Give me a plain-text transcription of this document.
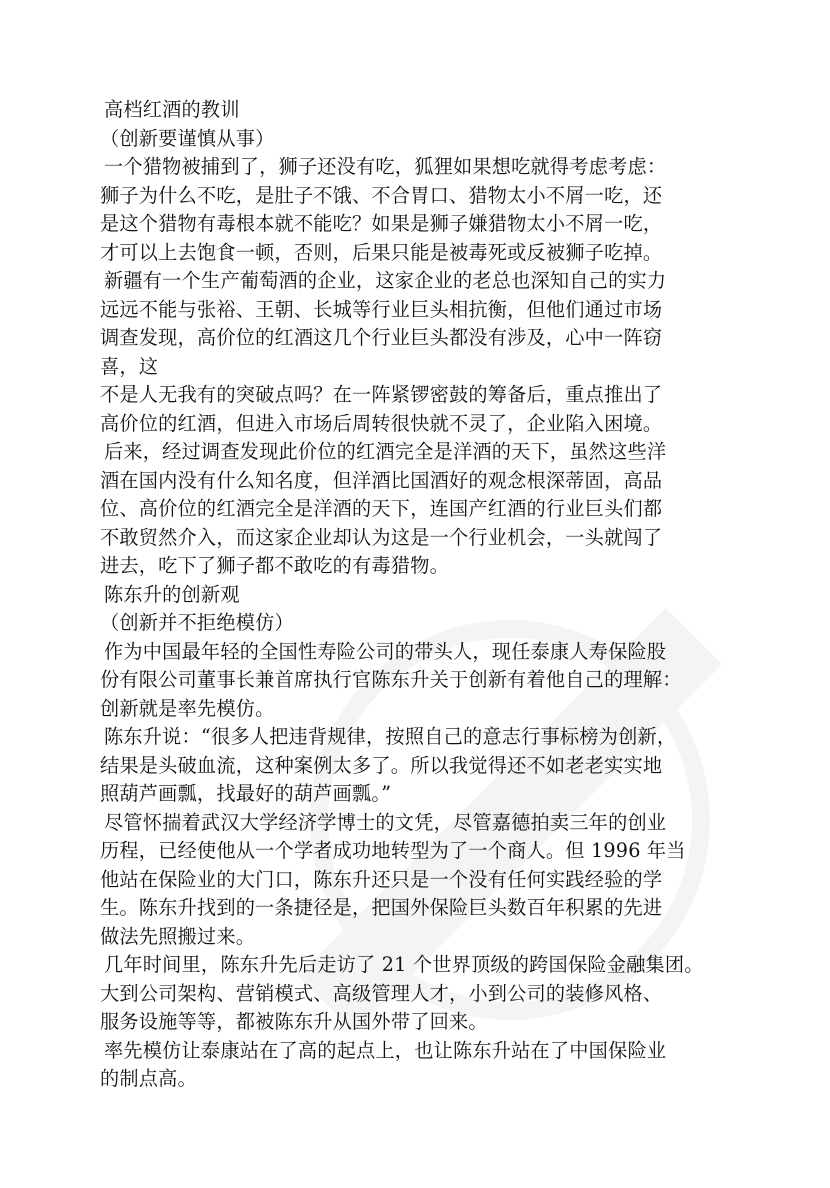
高档红酒的教训
（创新要谨慎从事）
一个猎物被捕到了，狮子还没有吃，狐狸如果想吃就得考虑考虑：
狮子为什么不吃，是肚子不饿、不合胃口、猎物太小不屑一吃，还
是这个猎物有毒根本就不能吃？如果是狮子嫌猎物太小不屑一吃，
才可以上去饱食一顿，否则，后果只能是被毒死或反被狮子吃掉。
新疆有一个生产葡萄酒的企业，这家企业的老总也深知自己的实力
远远不能与张裕、王朝、长城等行业巨头相抗衡，但他们通过市场
调查发现，高价位的红酒这几个行业巨头都没有涉及，心中一阵窃
喜，这
不是人无我有的突破点吗？在一阵紧锣密鼓的筹备后，重点推出了
高价位的红酒，但进入市场后周转很快就不灵了，企业陷入困境。
后来，经过调查发现此价位的红酒完全是洋酒的天下，虽然这些洋
酒在国内没有什么知名度，但洋酒比国酒好的观念根深蒂固，高品
位、高价位的红酒完全是洋酒的天下，连国产红酒的行业巨头们都
不敢贸然介入，而这家企业却认为这是一个行业机会，一头就闯了
进去，吃下了狮子都不敢吃的有毒猎物。
陈东升的创新观
（创新并不拒绝模仿）
作为中国最年轻的全国性寿险公司的带头人，现任泰康人寿保险股
份有限公司董事长兼首席执行官陈东升关于创新有着他自己的理解：
创新就是率先模仿。
陈东升说：“很多人把违背规律，按照自己的意志行事标榜为创新，
结果是头破血流，这种案例太多了。所以我觉得还不如老老实实地
照葫芦画瓢，找最好的葫芦画瓢。”
尽管怀揣着武汉大学经济学博士的文凭，尽管嘉德拍卖三年的创业
历程，已经使他从一个学者成功地转型为了一个商人。但 1996 年当
他站在保险业的大门口，陈东升还只是一个没有任何实践经验的学
生。陈东升找到的一条捷径是，把国外保险巨头数百年积累的先进
做法先照搬过来。
几年时间里，陈东升先后走访了 21 个世界顶级的跨国保险金融集团。
大到公司架构、营销模式、高级管理人才，小到公司的装修风格、
服务设施等等，都被陈东升从国外带了回来。
率先模仿让泰康站在了高的起点上，也让陈东升站在了中国保险业
的制点高。
